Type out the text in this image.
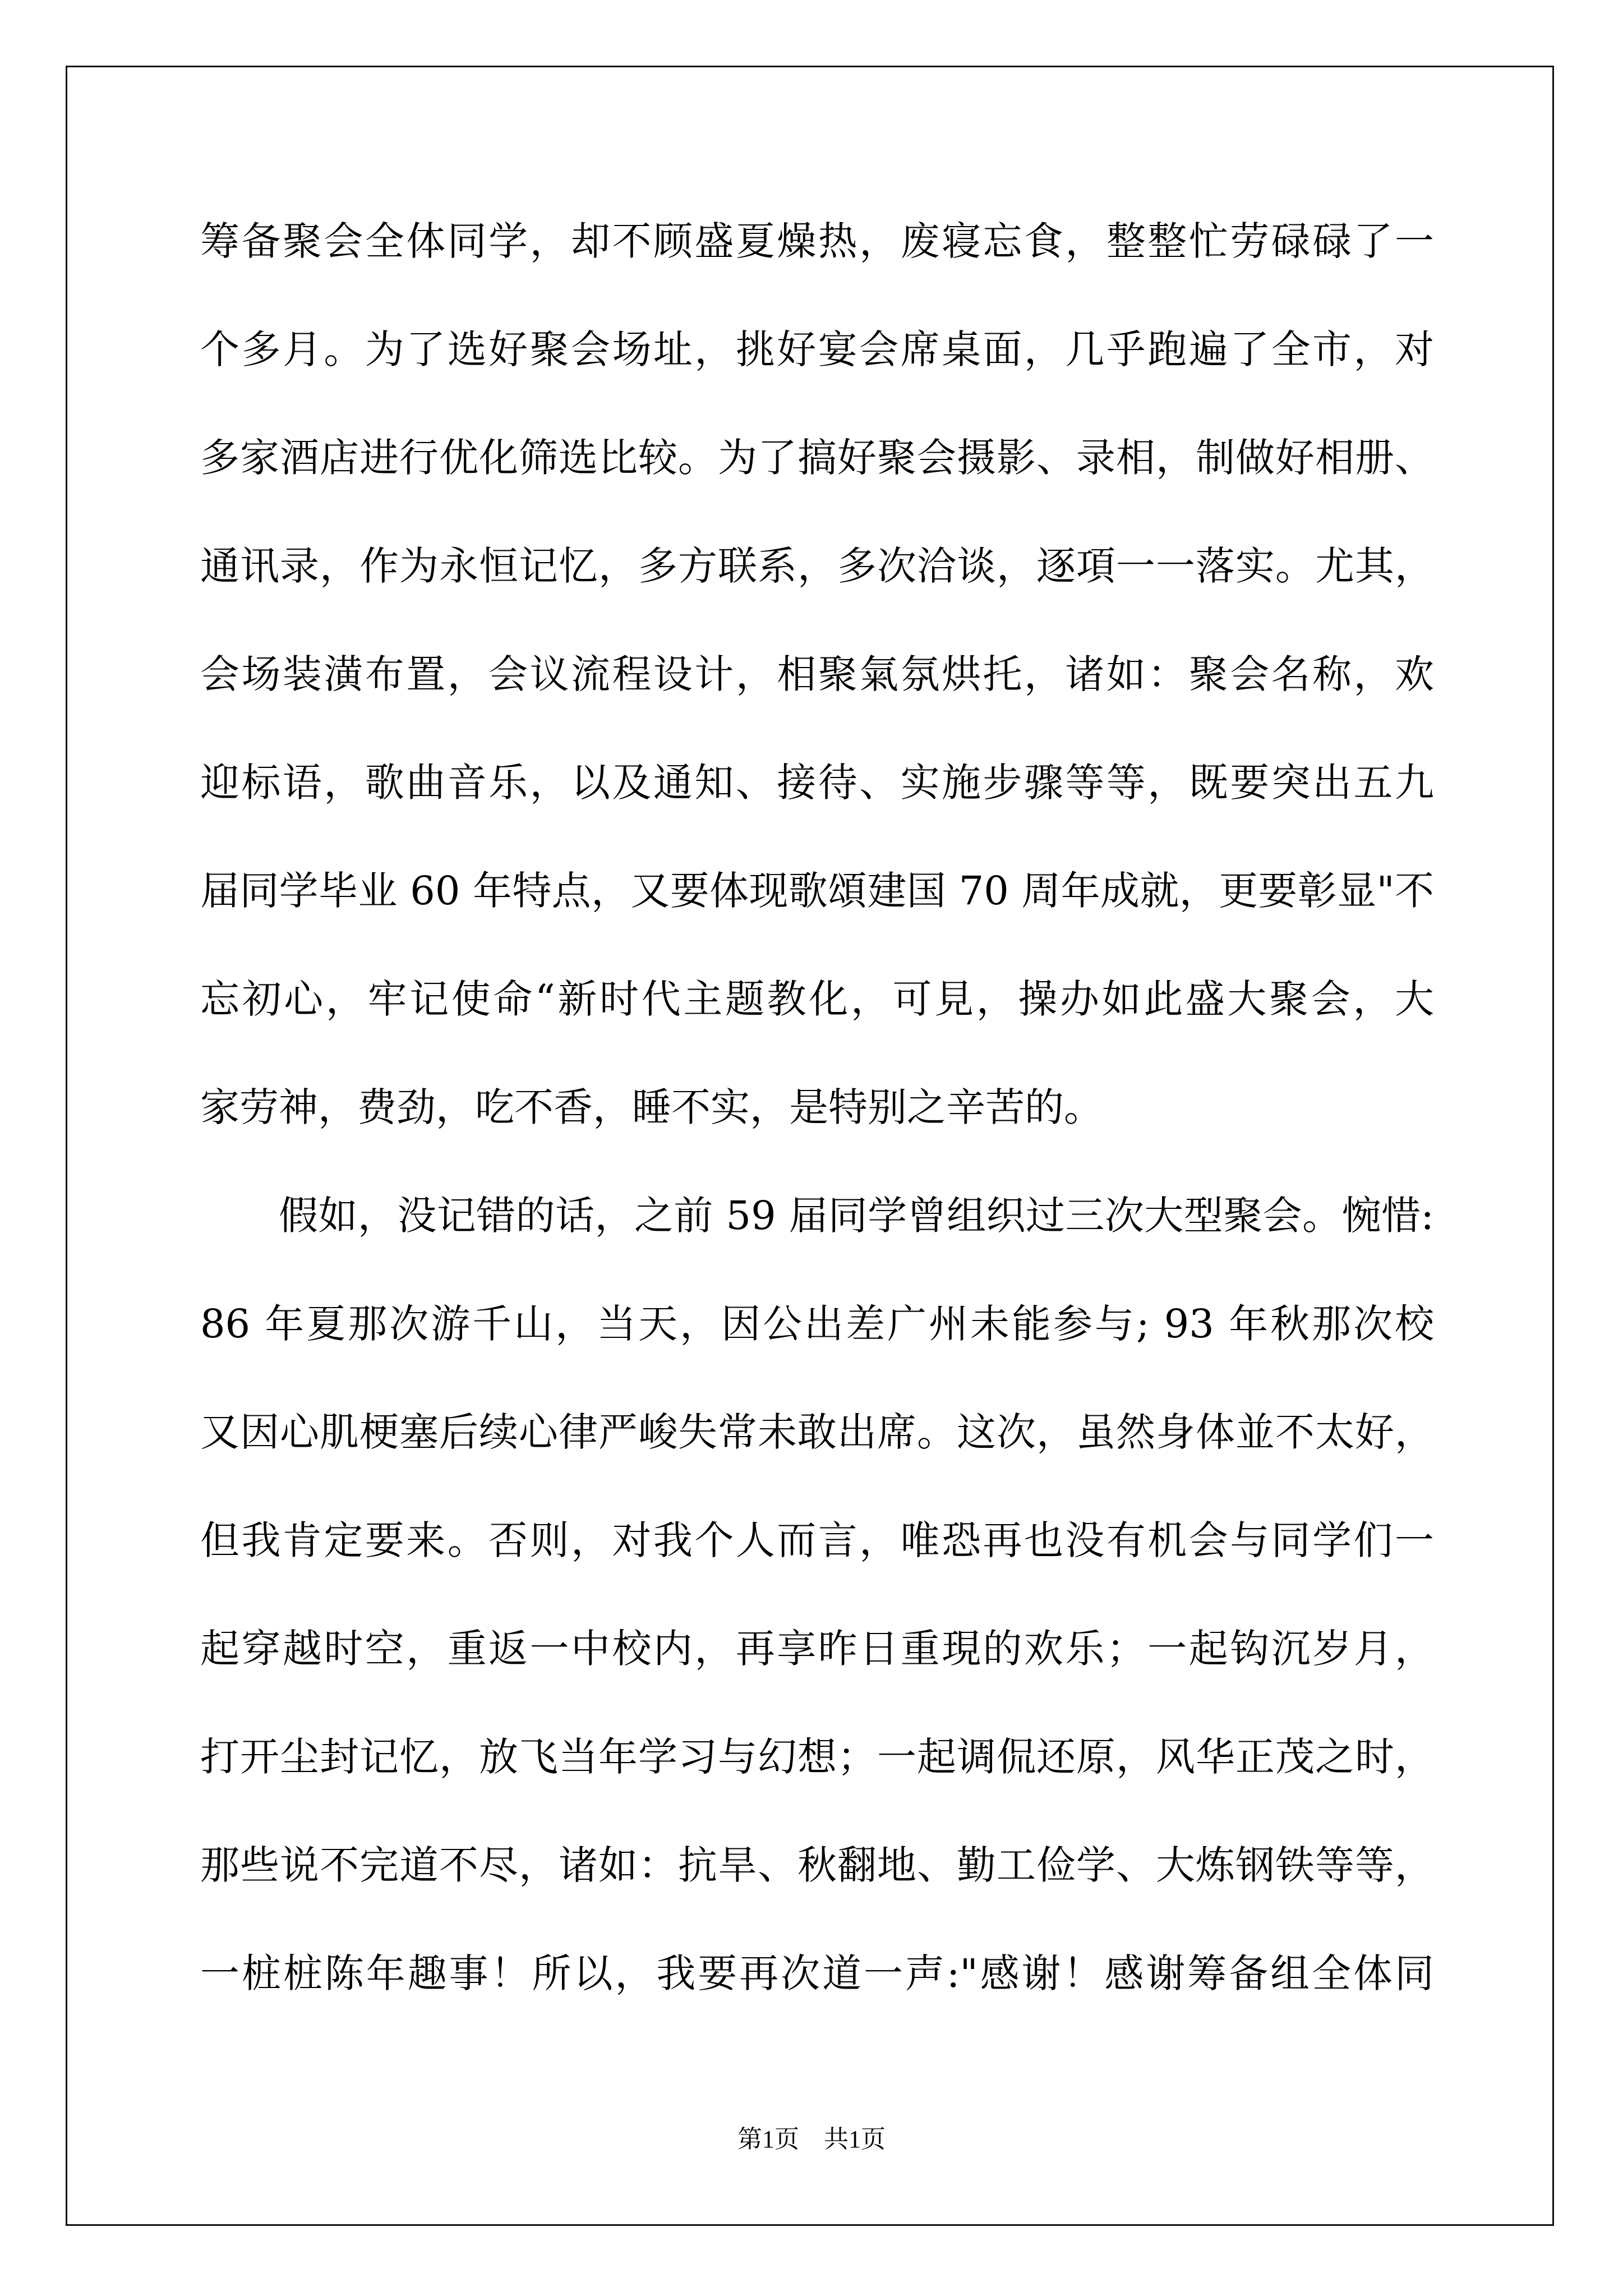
筹备聚会全体同学，却不顾盛夏燥热，废寝忘食，整整忙劳碌碌了一
个多月。为了选好聚会场址，挑好宴会席桌面，几乎跑遍了全市，对
多家酒店进行优化筛选比较。为了搞好聚会摄影、录相，制做好相册、
通讯录，作为永恒记忆，多方联系，多次洽谈，逐項一一落实。尤其，
会场装潢布置，会议流程设计，相聚氣氛烘托，诸如：聚会名称，欢
迎标语，歌曲音乐，以及通知、接待、实施步骤等等，既要突出五九
届同学毕业 60 年特点，又要体现歌頌建国 70 周年成就，更要彰显"不
忘初心，牢记使命“新时代主题教化，可見，操办如此盛大聚会，大
家劳神，费劲，吃不香，睡不实，是特别之辛苦的。
假如，没记错的话，之前 59 届同学曾组织过三次大型聚会。惋惜:
86 年夏那次游千山，当天，因公出差广州未能参与; 93 年秋那次校
又因心肌梗塞后续心律严峻失常未敢出席。这次，虽然身体並不太好，
但我肯定要来。否则，对我个人而言，唯恐再也没有机会与同学们一
起穿越时空，重返一中校内，再享昨日重現的欢乐；一起钩沉岁月，
打开尘封记忆，放飞当年学习与幻想；一起调侃还原，风华正茂之时，
那些说不完道不尽，诸如：抗旱、秋翻地、勤工俭学、大炼钢铁等等，
一桩桩陈年趣事！所以，我要再次道一声:"感谢！感谢筹备组全体同
第1页　共1页
